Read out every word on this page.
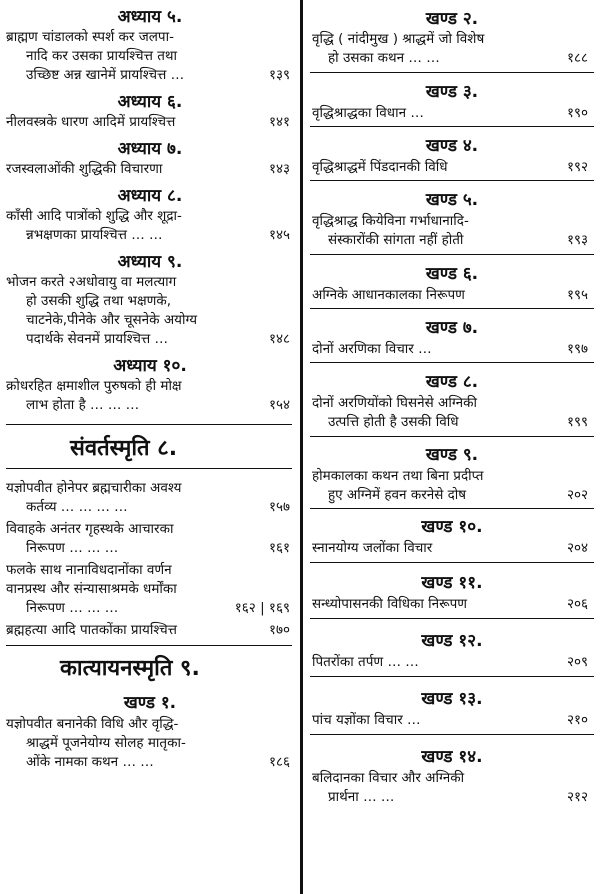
अध्याय ५.
ब्राह्मण चांडालको स्पर्श कर जलपा-
नादि कर उसका प्रायश्चित्त तथा
उच्छिष्ट अन्न खानेमें प्रायश्चित्त …	१३९
अध्याय ६.
नीलवस्त्रके धारण आदिमें प्रायश्चित्त	१४१
अध्याय ७.
रजस्वलाओंकी शुद्धिकी विचारणा	१४३
अध्याय ८.
काँसी आदि पात्रोंको शुद्धि और शूद्रा-
न्नभक्षणका प्रायश्चित्त … …	१४५
अध्याय ९.
भोजन करते २अधोवायु वा मलत्याग
हो उसकी शुद्धि तथा भक्षणके,
चाटनेके,पीनेके और चूसनेके अयोग्य
पदार्थके सेवनमें प्रायश्चित्त …	१४८
अध्याय १०.
क्रोधरहित क्षमाशील पुरुषको ही मोक्ष
लाभ होता है … … …	१५४
संवर्तस्मृति ८.
यज्ञोपवीत होनेपर ब्रह्मचारीका अवश्य
कर्तव्य … … … …	१५७
विवाहके अनंतर गृहस्थके आचारका
निरूपण … … …	१६१
फलके साथ नानाविधदानोंका वर्णन
वानप्रस्थ और संन्यासाश्रमके धर्मोंका
निरूपण … … …	१६२ | १६९
ब्रह्महत्या आदि पातकोंका प्रायश्चित्त	१७०
कात्यायनस्मृति ९.
खण्ड १.
यज्ञोपवीत बनानेकी विधि और वृद्धि-
श्राद्धमें पूजनेयोग्य सोलह मातृका-
ओंके नामका कथन … …	१८६
खण्ड २.
वृद्धि ( नांदीमुख ) श्राद्धमें जो विशेष
हो उसका कथन … …	१८८
खण्ड ३.
वृद्धिश्राद्धका विधान …	१९०
खण्ड ४.
वृद्धिश्राद्धमें पिंडदानकी विधि	१९२
खण्ड ५.
वृद्धिश्राद्ध कियेविना गर्भाधानादि-
संस्कारोंकी सांगता नहीं होती	१९३
खण्ड ६.
अग्निके आधानकालका निरूपण	१९५
खण्ड ७.
दोनों अरणिका विचार …	१९७
खण्ड ८.
दोनों अरणियोंको घिसनेसे अग्निकी
उत्पत्ति होती है उसकी विधि	१९९
खण्ड ९.
होमकालका कथन तथा बिना प्रदीप्त
हुए अग्निमें हवन करनेसे दोष	२०२
खण्ड १०.
स्नानयोग्य जलोंका विचार	२०४
खण्ड ११.
सन्ध्योपासनकी विधिका निरूपण	२०६
खण्ड १२.
पितरोंका तर्पण … …	२०९
खण्ड १३.
पांच यज्ञोंका विचार …	२१०
खण्ड १४.
बलिदानका विचार और अग्निकी
प्रार्थना … …	२१२
